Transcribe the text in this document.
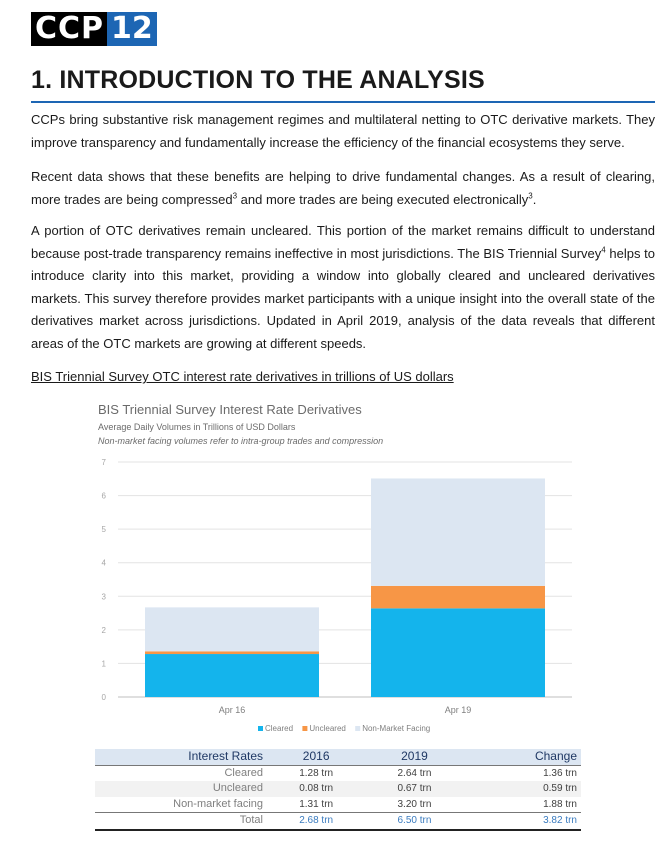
CCP 12
1. INTRODUCTION TO THE ANALYSIS

CCPs bring substantive risk management regimes and multilateral netting to OTC derivative markets. They improve transparency and fundamentally increase the efficiency of the financial ecosystems they serve.

Recent data shows that these benefits are helping to drive fundamental changes. As a result of clearing, more trades are being compressed$^3$ and more trades are being executed electronically$^3$.

A portion of OTC derivatives remain uncleared. This portion of the market remains difficult to understand because post-trade transparency remains ineffective in most jurisdictions. The BIS Triennial Survey$^4$ helps to introduce clarity into this market, providing a window into globally cleared and uncleared derivatives markets. This survey therefore provides market participants with a unique insight into the overall state of the derivatives market across jurisdictions. Updated in April 2019, analysis of the data reveals that different areas of the OTC markets are growing at different speeds.

BIS Triennial Survey OTC interest rate derivatives in trillions of US dollars
BIS Triennial Survey Interest Rate Derivatives
Average Daily Volumes in Trillions of USD Dollars
Non-market facing volumes refer to intra-group trades and compression
0
1
2
3
4
5
6
7
Apr 16	Apr 19
Cleared Uncleared Non-Market Facing
Interest Rates	2016	2019	Change
Cleared	1.28 trn	2.64 trn	1.36 trn
Uncleared	0.08 trn	0.67 trn	0.59 trn
Non-market facing	1.31 trn	3.20 trn	1.88 trn
Total	2.68 trn	6.50 trn	3.82 trn
